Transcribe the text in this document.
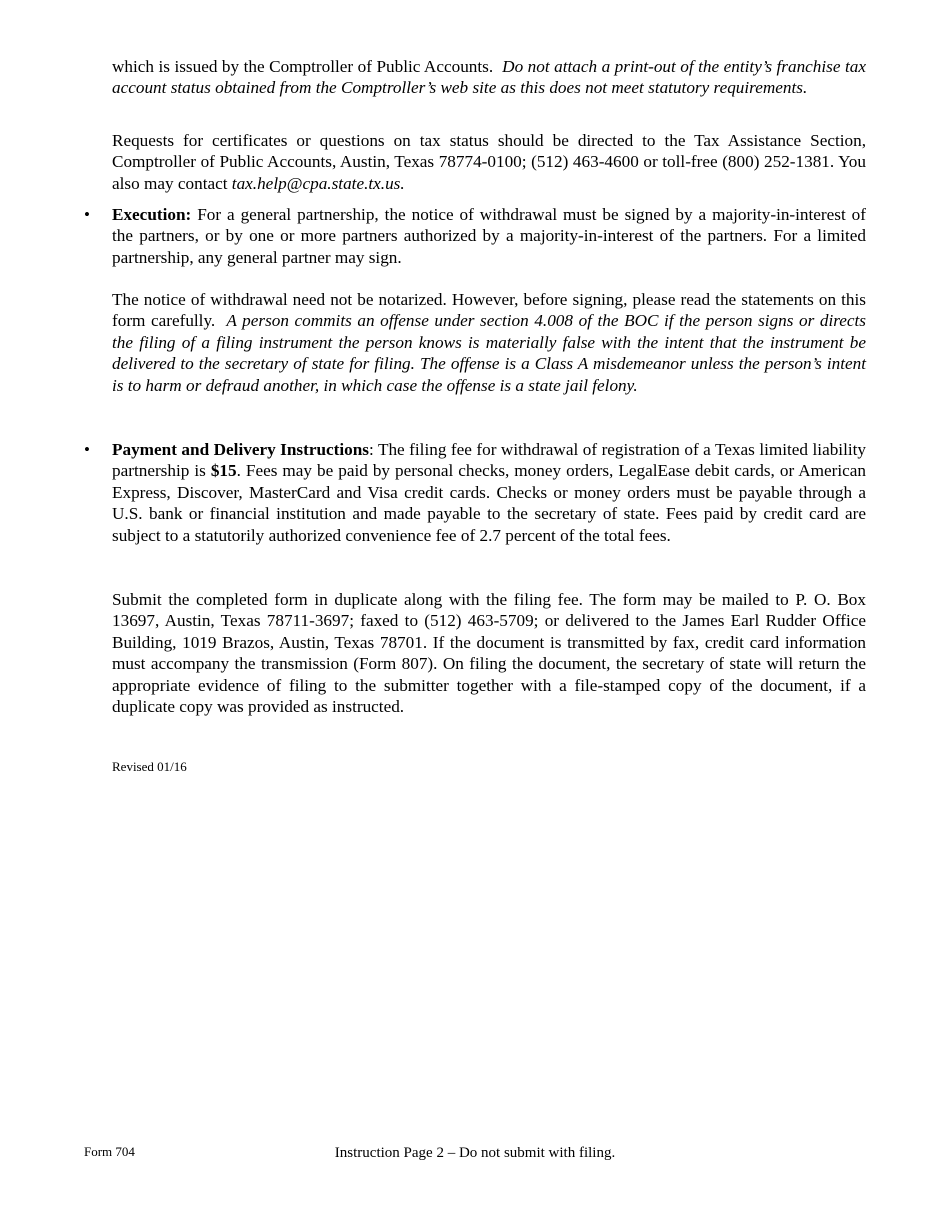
which is issued by the Comptroller of Public Accounts. Do not attach a print-out of the entity’s franchise tax account status obtained from the Comptroller’s web site as this does not meet statutory requirements.

Requests for certificates or questions on tax status should be directed to the Tax Assistance Section, Comptroller of Public Accounts, Austin, Texas 78774-0100; (512) 463-4600 or toll-free (800) 252-1381. You also may contact tax.help@cpa.state.tx.us.

• Execution: For a general partnership, the notice of withdrawal must be signed by a majority-in-interest of the partners, or by one or more partners authorized by a majority-in-interest of the partners. For a limited partnership, any general partner may sign.

The notice of withdrawal need not be notarized. However, before signing, please read the statements on this form carefully. A person commits an offense under section 4.008 of the BOC if the person signs or directs the filing of a filing instrument the person knows is materially false with the intent that the instrument be delivered to the secretary of state for filing. The offense is a Class A misdemeanor unless the person’s intent is to harm or defraud another, in which case the offense is a state jail felony.

• Payment and Delivery Instructions: The filing fee for withdrawal of registration of a Texas limited liability partnership is $15. Fees may be paid by personal checks, money orders, LegalEase debit cards, or American Express, Discover, MasterCard and Visa credit cards. Checks or money orders must be payable through a U.S. bank or financial institution and made payable to the secretary of state. Fees paid by credit card are subject to a statutorily authorized convenience fee of 2.7 percent of the total fees.

Submit the completed form in duplicate along with the filing fee. The form may be mailed to P. O. Box 13697, Austin, Texas 78711-3697; faxed to (512) 463-5709; or delivered to the James Earl Rudder Office Building, 1019 Brazos, Austin, Texas 78701. If the document is transmitted by fax, credit card information must accompany the transmission (Form 807). On filing the document, the secretary of state will return the appropriate evidence of filing to the submitter together with a file-stamped copy of the document, if a duplicate copy was provided as instructed.

Revised 01/16
Form 704	Instruction Page 2 – Do not submit with filing.
